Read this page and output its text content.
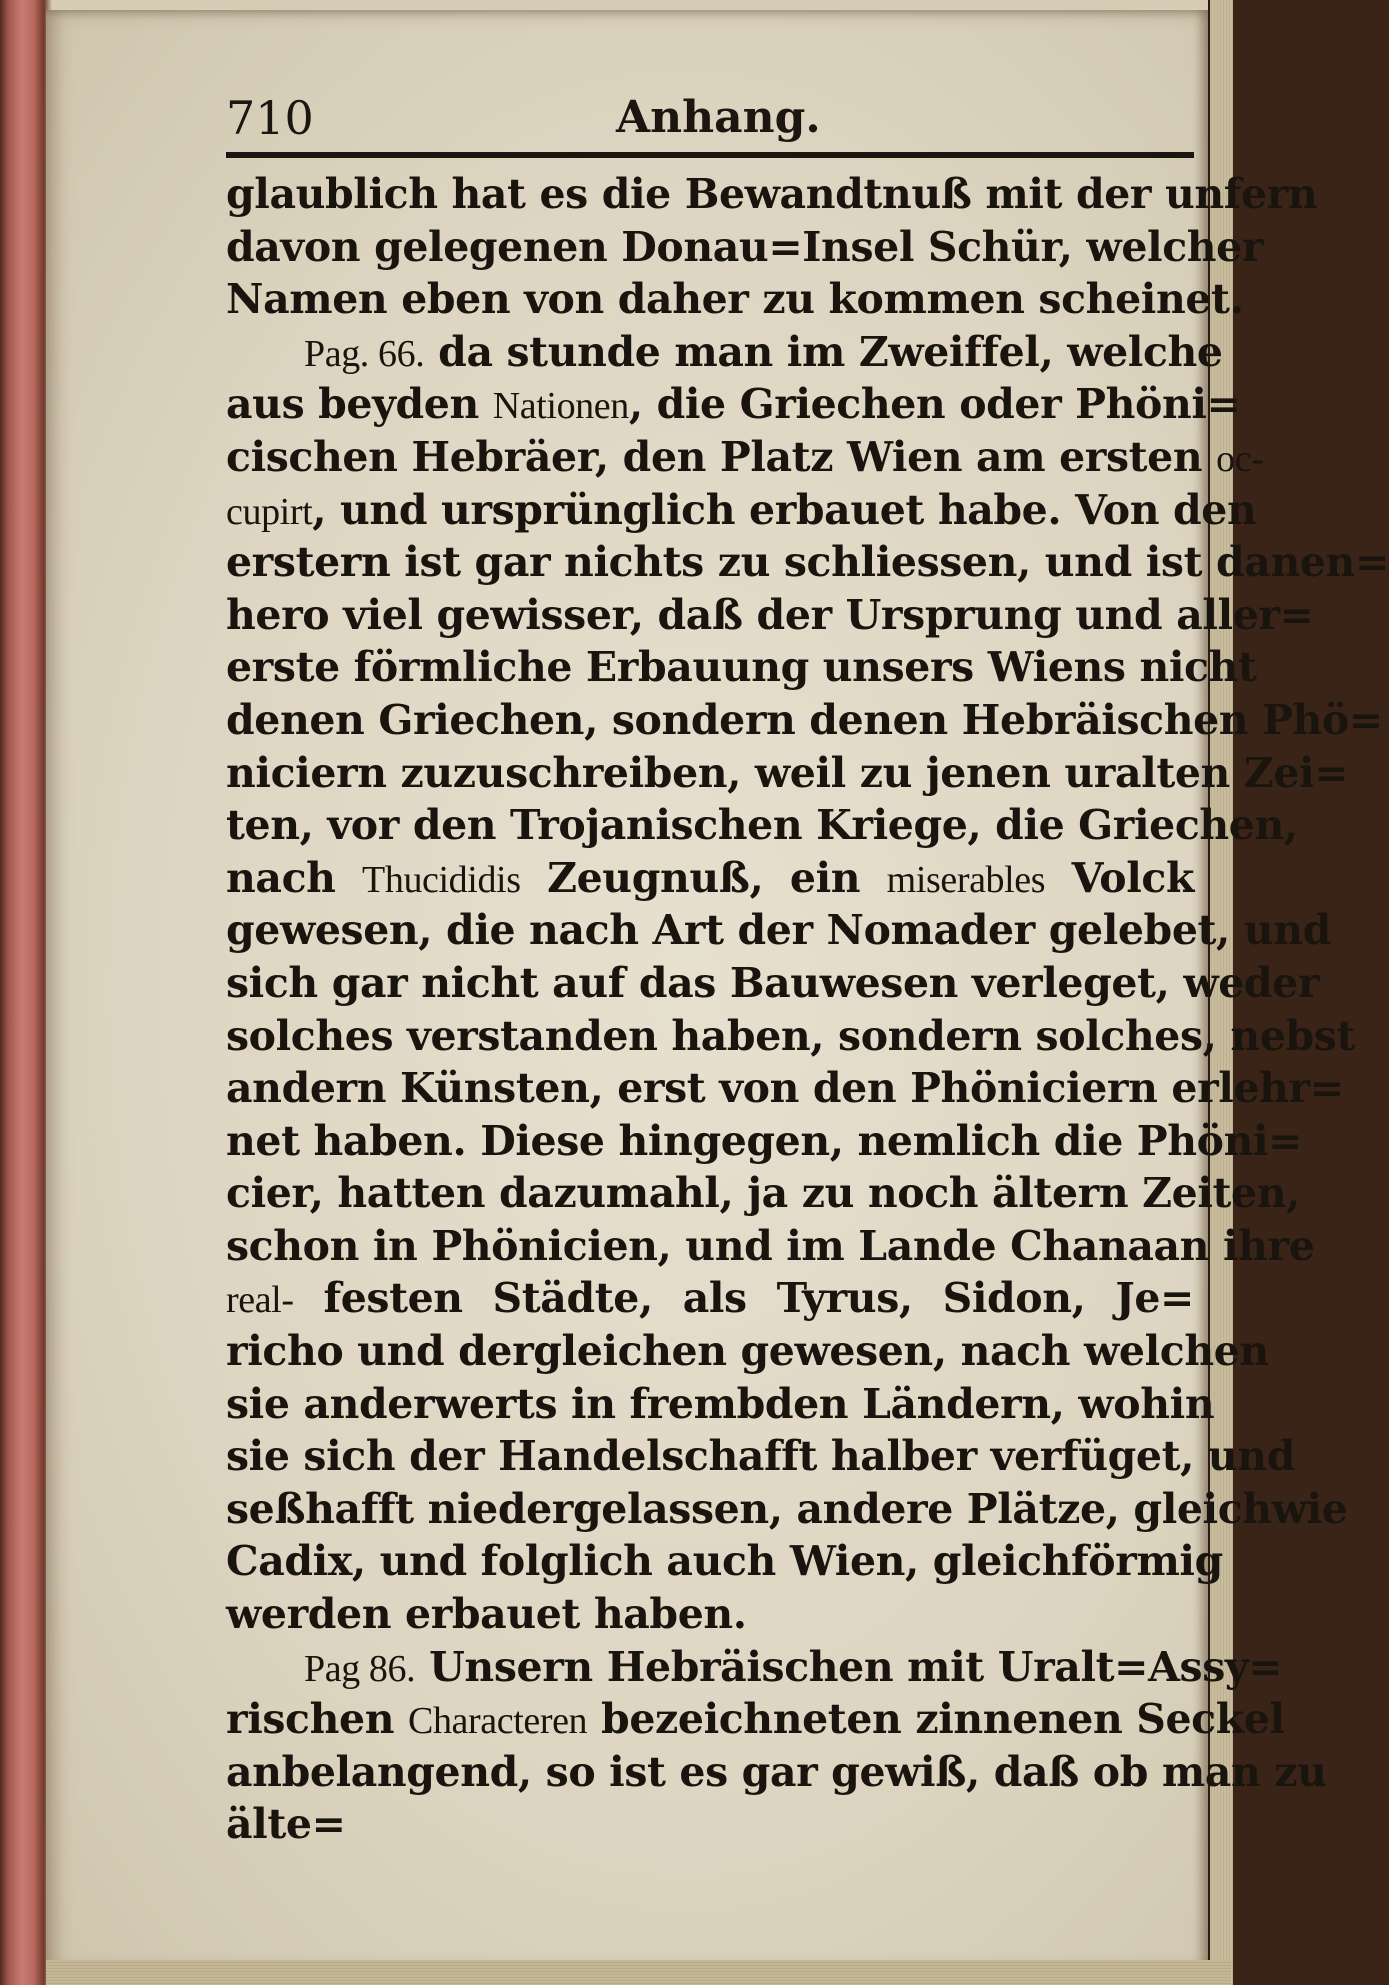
710	Anhang.
glaublich hat es die Bewandtnuß mit der unfern
davon gelegenen Donau=Insel Schür, welcher
Namen eben von daher zu kommen scheinet.
Pag. 66. da stunde man im Zweiffel, welche
aus beyden Nationen, die Griechen oder Phöni=
cischen Hebräer, den Platz Wien am ersten oc-
cupirt, und ursprünglich erbauet habe. Von den
erstern ist gar nichts zu schliessen, und ist danen=
hero viel gewisser, daß der Ursprung und aller=
erste förmliche Erbauung unsers Wiens nicht
denen Griechen, sondern denen Hebräischen Phö=
niciern zuzuschreiben, weil zu jenen uralten Zei=
ten, vor den Trojanischen Kriege, die Griechen,
nach Thucididis Zeugnuß, ein miserables Volck
gewesen, die nach Art der Nomader gelebet, und
sich gar nicht auf das Bauwesen verleget, weder
solches verstanden haben, sondern solches, nebst
andern Künsten, erst von den Phöniciern erlehr=
net haben. Diese hingegen, nemlich die Phöni=
cier, hatten dazumahl, ja zu noch ältern Zeiten,
schon in Phönicien, und im Lande Chanaan ihre
real- festen Städte, als Tyrus, Sidon, Je=
richo und dergleichen gewesen, nach welchen
sie anderwerts in frembden Ländern, wohin
sie sich der Handelschafft halber verfüget, und
seßhafft niedergelassen, andere Plätze, gleichwie
Cadix, und folglich auch Wien, gleichförmig
werden erbauet haben.
Pag 86. Unsern Hebräischen mit Uralt=Assy=
rischen Characteren bezeichneten zinnenen Seckel
anbelangend, so ist es gar gewiß, daß ob man zu
älte=
